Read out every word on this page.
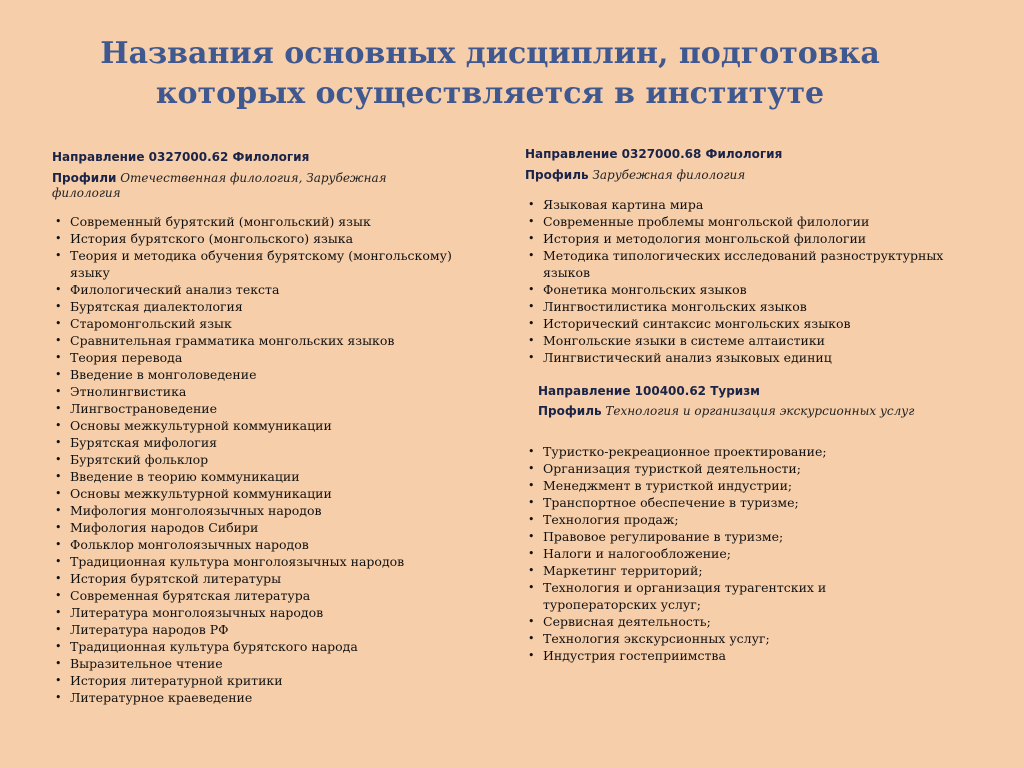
Названия основных дисциплин, подготовка
которых осуществляется в институте
Направление 0327000.62 Филология
Профили Отечественная филология, Зарубежная филология
• Современный бурятский (монгольский) язык
• История бурятского (монгольского) языка
• Теория и методика обучения бурятскому (монгольскому) языку
• Филологический анализ текста
• Бурятская диалектология
• Старомонгольский язык
• Сравнительная грамматика монгольских языков
• Теория перевода
• Введение в монголоведение
• Этнолингвистика
• Лингвострановедение
• Основы межкультурной коммуникации
• Бурятская мифология
• Бурятский фольклор
• Введение в теорию коммуникации
• Основы межкультурной коммуникации
• Мифология монголоязычных народов
• Мифология народов Сибири
• Фольклор монголоязычных народов
• Традиционная культура монголоязычных народов
• История бурятской литературы
• Современная бурятская литература
• Литература монголоязычных народов
• Литература народов РФ
• Традиционная культура бурятского народа
• Выразительное чтение
• История литературной критики
• Литературное краеведение
Направление 0327000.68 Филология
Профиль Зарубежная филология
• Языковая картина мира
• Современные проблемы монгольской филологии
• История и методология монгольской филологии
• Методика типологических исследований разноструктурных языков
• Фонетика монгольских языков
• Лингвостилистика монгольских языков
• Исторический синтаксис монгольских языков
• Монгольские языки в системе алтаистики
• Лингвистический анализ языковых единиц
Направление 100400.62 Туризм
Профиль Технология и организация экскурсионных услуг
• Туристко-рекреационное проектирование;
• Организация туристкой деятельности;
• Менеджмент в туристкой индустрии;
• Транспортное обеспечение в туризме;
• Технология продаж;
• Правовое регулирование в туризме;
• Налоги и налогообложение;
• Маркетинг территорий;
• Технология и организация турагентских и туроператорских услуг;
• Сервисная деятельность;
• Технология экскурсионных услуг;
• Индустрия гостеприимства
